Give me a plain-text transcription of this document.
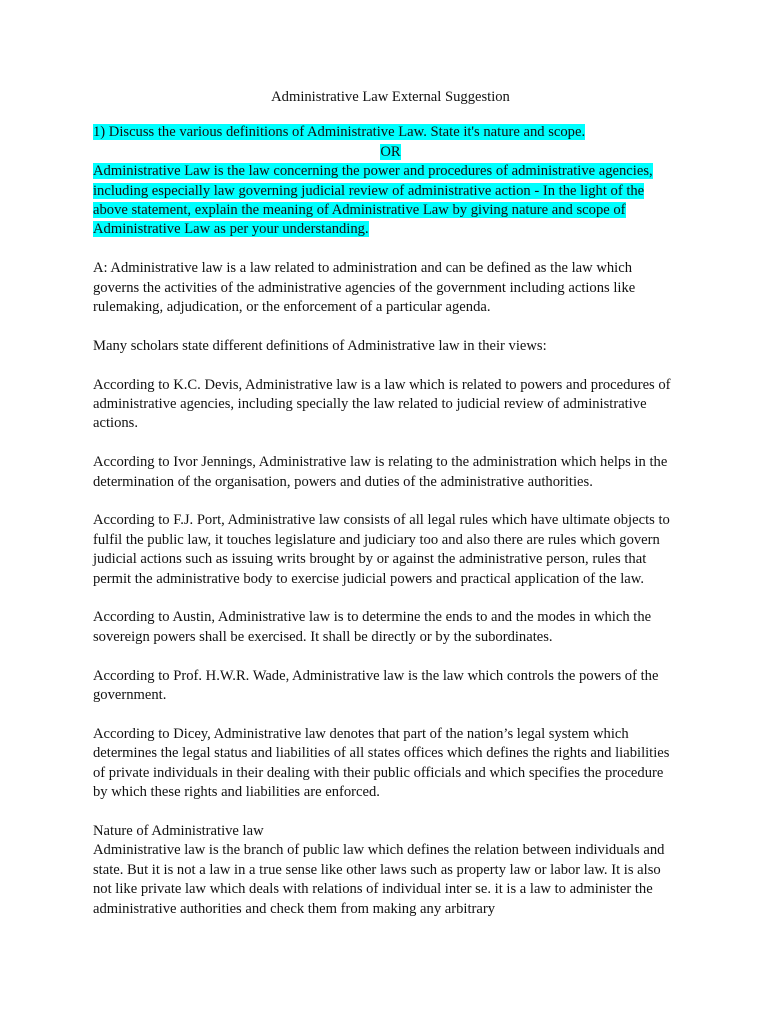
Administrative Law External Suggestion
1) Discuss the various definitions of Administrative Law. State it's nature and scope.
OR
Administrative Law is the law concerning the power and procedures of administrative agencies, including especially law governing judicial review of administrative action - In the light of the above statement, explain the meaning of Administrative Law by giving nature and scope of Administrative Law as per your understanding.

A: Administrative law is a law related to administration and can be defined as the law which governs the activities of the administrative agencies of the government including actions like rulemaking, adjudication, or the enforcement of a particular agenda.

Many scholars state different definitions of Administrative law in their views:

According to K.C. Devis, Administrative law is a law which is related to powers and procedures of administrative agencies, including specially the law related to judicial review of administrative actions.

According to Ivor Jennings, Administrative law is relating to the administration which helps in the determination of the organisation, powers and duties of the administrative authorities.

According to F.J. Port, Administrative law consists of all legal rules which have ultimate objects to fulfil the public law, it touches legislature and judiciary too and also there are rules which govern judicial actions such as issuing writs brought by or against the administrative person, rules that permit the administrative body to exercise judicial powers and practical application of the law.

According to Austin, Administrative law is to determine the ends to and the modes in which the sovereign powers shall be exercised. It shall be directly or by the subordinates.

According to Prof. H.W.R. Wade, Administrative law is the law which controls the powers of the government.

According to Dicey, Administrative law denotes that part of the nation’s legal system which determines the legal status and liabilities of all states offices which defines the rights and liabilities of private individuals in their dealing with their public officials and which specifies the procedure by which these rights and liabilities are enforced.

Nature of Administrative law

Administrative law is the branch of public law which defines the relation between individuals and state. But it is not a law in a true sense like other laws such as property law or labor law. It is also not like private law which deals with relations of individual inter se. it is a law to administer the administrative authorities and check them from making any arbitrary
